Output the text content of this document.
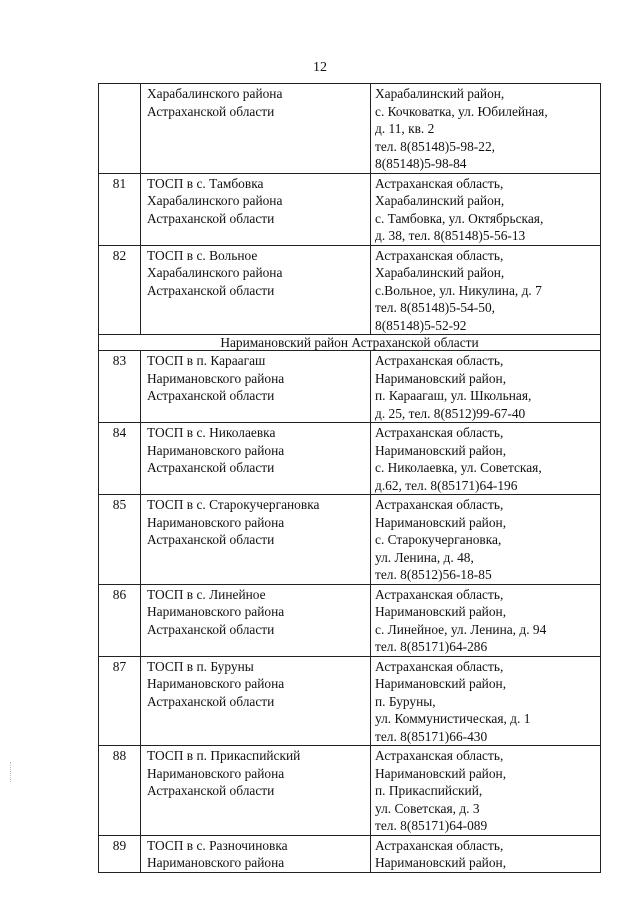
12

	Харабалинского района
Астраханской области	Харабалинский район,
с. Кочковатка, ул. Юбилейная,
д. 11, кв. 2
тел. 8(85148)5-98-22,
8(85148)5-98-84

81	ТОСП в с. Тамбовка
Харабалинского района
Астраханской области	Астраханская область,
Харабалинский район,
с. Тамбовка, ул. Октябрьская,
д. 38, тел. 8(85148)5-56-13

82	ТОСП в с. Вольное
Харабалинского района
Астраханской области	Астраханская область,
Харабалинский район,
с.Вольное, ул. Никулина, д. 7
тел. 8(85148)5-54-50,
8(85148)5-52-92

Наримановский район Астраханской области		
83	ТОСП в п. Караагаш
Наримановского района
Астраханской области	Астраханская область,
Наримановский район,
п. Караагаш, ул. Школьная,
д. 25, тел. 8(8512)99-67-40

84	ТОСП в с. Николаевка
Наримановского района
Астраханской области	Астраханская область,
Наримановский район,
с. Николаевка, ул. Советская,
д.62, тел. 8(85171)64-196

85	ТОСП в с. Старокучергановка
Наримановского района
Астраханской области	Астраханская область,
Наримановский район,
с. Старокучергановка,
ул. Ленина, д. 48,
тел. 8(8512)56-18-85

86	ТОСП в с. Линейное
Наримановского района
Астраханской области	Астраханская область,
Наримановский район,
с. Линейное, ул. Ленина, д. 94
тел. 8(85171)64-286

87	ТОСП в п. Буруны
Наримановского района
Астраханской области	Астраханская область,
Наримановский район,
п. Буруны,
ул. Коммунистическая, д. 1
тел. 8(85171)66-430

88	ТОСП в п. Прикаспийский
Наримановского района
Астраханской области	Астраханская область,
Наримановский район,
п. Прикаспийский,
ул. Советская, д. 3
тел. 8(85171)64-089

89	ТОСП в с. Разночиновка
Наримановского района	Астраханская область,
Наримановский район,
